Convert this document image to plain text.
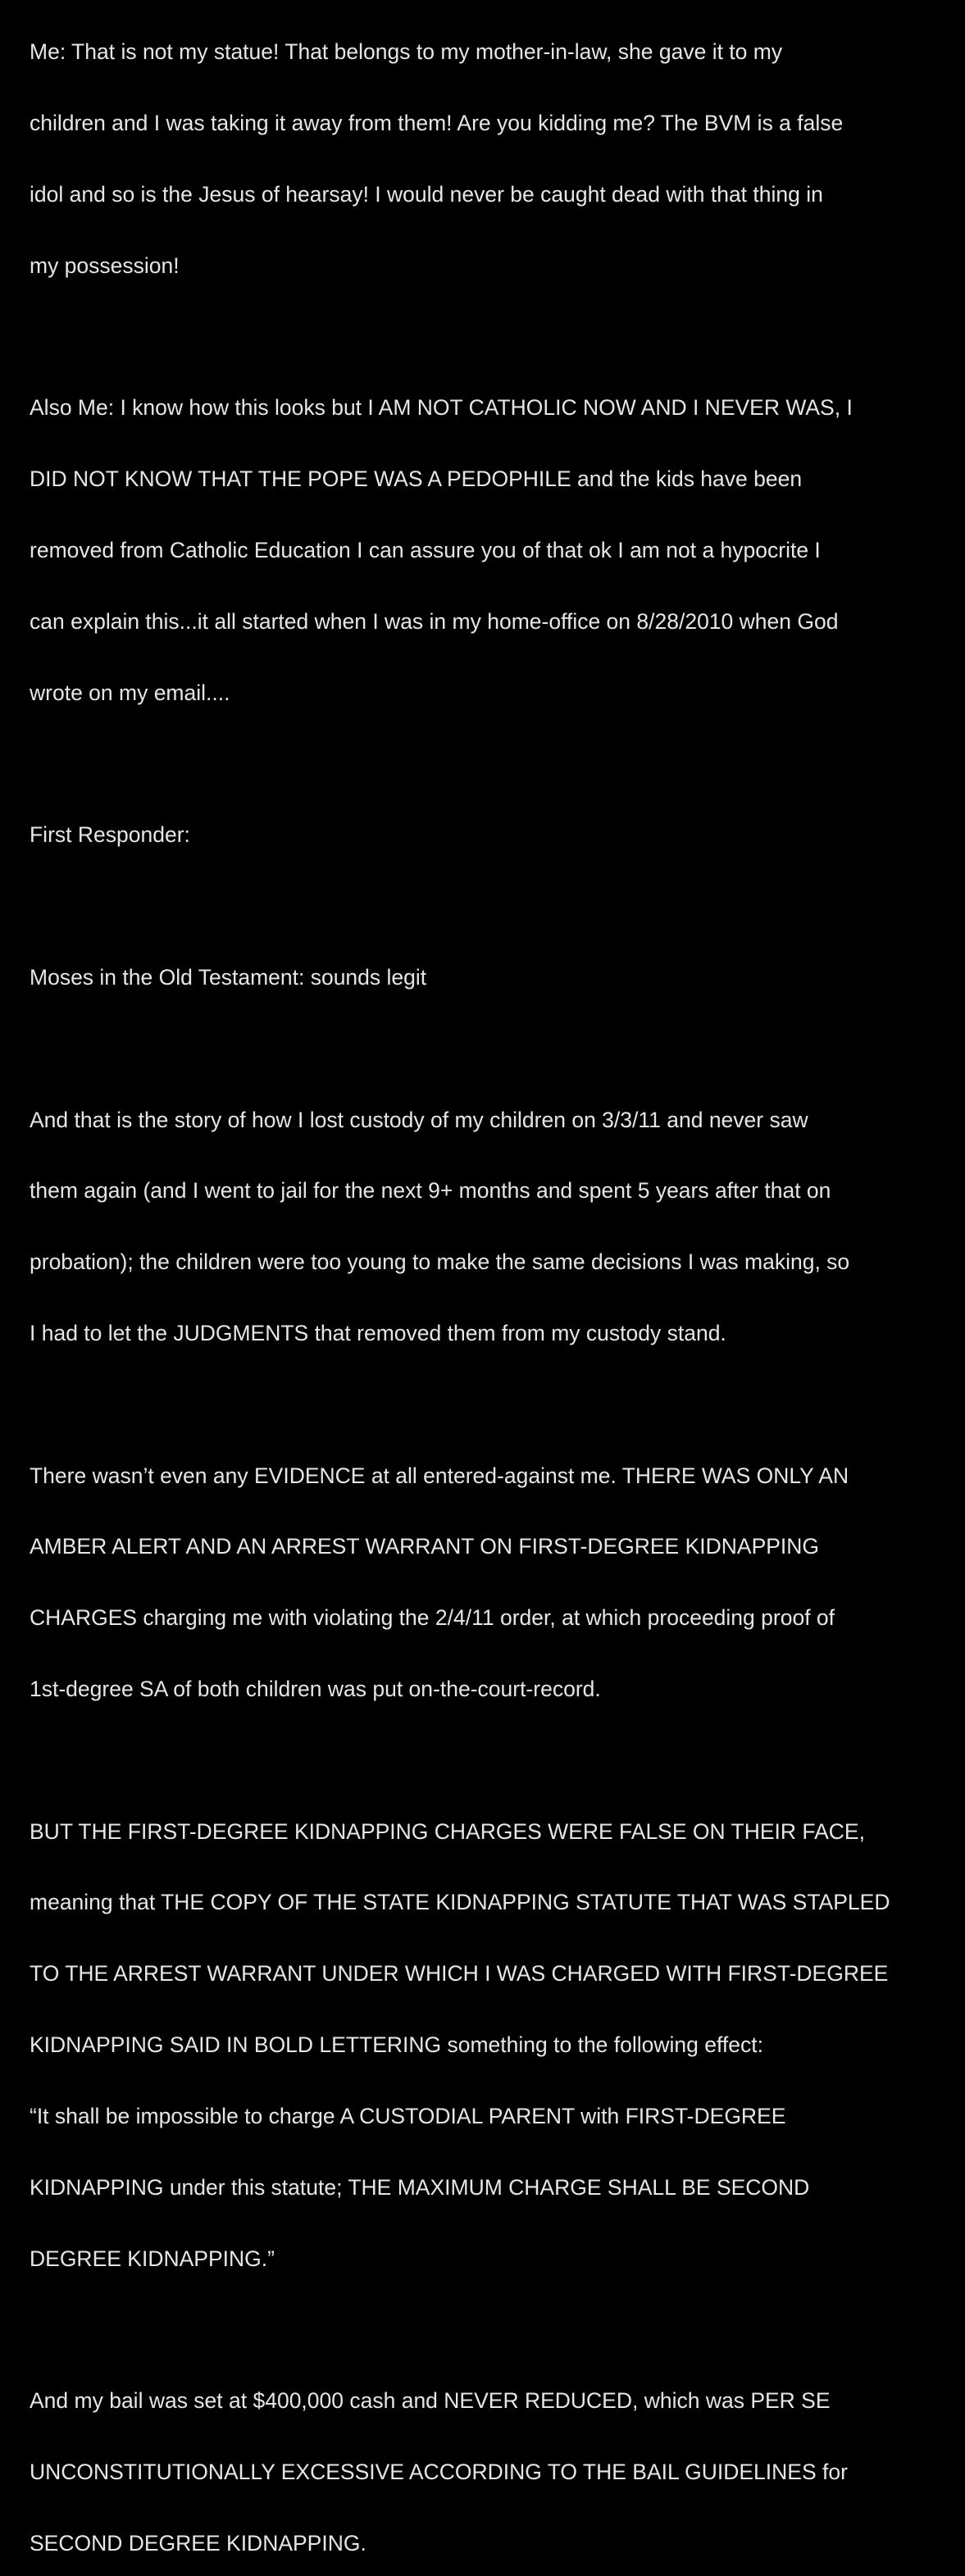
Me: That is not my statue! That belongs to my mother-in-law, she gave it to my

children and I was taking it away from them! Are you kidding me? The BVM is a false

idol and so is the Jesus of hearsay! I would never be caught dead with that thing in

my possession!

Also Me: I know how this looks but I AM NOT CATHOLIC NOW AND I NEVER WAS, I

DID NOT KNOW THAT THE POPE WAS A PEDOPHILE and the kids have been

removed from Catholic Education I can assure you of that ok I am not a hypocrite I

can explain this...it all started when I was in my home-office on 8/28/2010 when God

wrote on my email....

First Responder:

Moses in the Old Testament: sounds legit

And that is the story of how I lost custody of my children on 3/3/11 and never saw

them again (and I went to jail for the next 9+ months and spent 5 years after that on

probation); the children were too young to make the same decisions I was making, so

I had to let the JUDGMENTS that removed them from my custody stand.

There wasn’t even any EVIDENCE at all entered-against me. THERE WAS ONLY AN

AMBER ALERT AND AN ARREST WARRANT ON FIRST-DEGREE KIDNAPPING

CHARGES charging me with violating the 2/4/11 order, at which proceeding proof of

1st-degree SA of both children was put on-the-court-record.

BUT THE FIRST-DEGREE KIDNAPPING CHARGES WERE FALSE ON THEIR FACE,

meaning that THE COPY OF THE STATE KIDNAPPING STATUTE THAT WAS STAPLED

TO THE ARREST WARRANT UNDER WHICH I WAS CHARGED WITH FIRST-DEGREE

KIDNAPPING SAID IN BOLD LETTERING something to the following effect:

“It shall be impossible to charge A CUSTODIAL PARENT with FIRST-DEGREE

KIDNAPPING under this statute; THE MAXIMUM CHARGE SHALL BE SECOND

DEGREE KIDNAPPING.”

And my bail was set at $400,000 cash and NEVER REDUCED, which was PER SE

UNCONSTITUTIONALLY EXCESSIVE ACCORDING TO THE BAIL GUIDELINES for

SECOND DEGREE KIDNAPPING.
